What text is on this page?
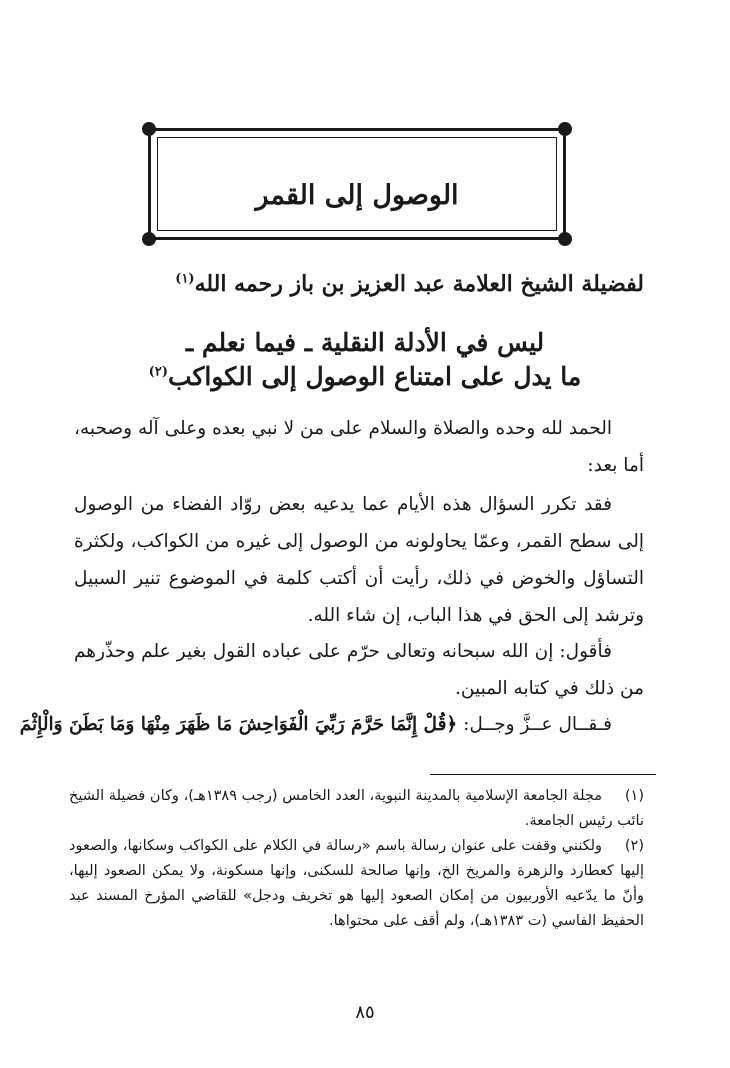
الوصول إلى القمر
لفضيلة الشيخ العلامة عبد العزيز بن باز رحمه الله$^{(١)}$
ليس في الأدلة النقلية ـ فيما نعلم ـ
ما يدل على امتناع الوصول إلى الكواكب$^{(٢)}$
الحمد لله وحده والصلاة والسلام على من لا نبي بعده وعلى آله وصحبه، أما بعد:
فقد تكرر السؤال هذه الأيام عما يدعيه بعض روّاد الفضاء من الوصول إلى سطح القمر، وعمّا يحاولونه من الوصول إلى غيره من الكواكب، ولكثرة التساؤل والخوض في ذلك، رأيت أن أكتب كلمة في الموضوع تنير السبيل وترشد إلى الحق في هذا الباب، إن شاء الله.
فأقول: إن الله سبحانه وتعالى حرّم على عباده القول بغير علم وحذّرهم من ذلك في كتابه المبين.
فـقــال عــزَّ وجــل: ﴿قُلْ إِنَّمَا حَرَّمَ رَبِّيَ الْفَوَاحِشَ مَا ظَهَرَ مِنْهَا وَمَا بَطَنَ وَالْإِثْمَ
(١)مجلة الجامعة الإسلامية بالمدينة النبوية، العدد الخامس (رجب ١٣٨٩هـ)، وكان فضيلة الشيخ نائب رئيس الجامعة.
(٢)ولكنني وقفت على عنوان رسالة باسم «رسالة في الكلام على الكواكب وسكانها، والصعود إليها كعطارد والزهرة والمريخ الخ، وإنها صالحة للسكنى، وإنها مسكونة، ولا يمكن الصعود إليها، وأنّ ما يدّعيه الأوربيون من إمكان الصعود إليها هو تخريف ودجل» للقاضي المؤرخ المسند عبد الحفيظ الفاسي (ت ١٣٨٣هـ)، ولم أقف على محتواها.
٨٥
